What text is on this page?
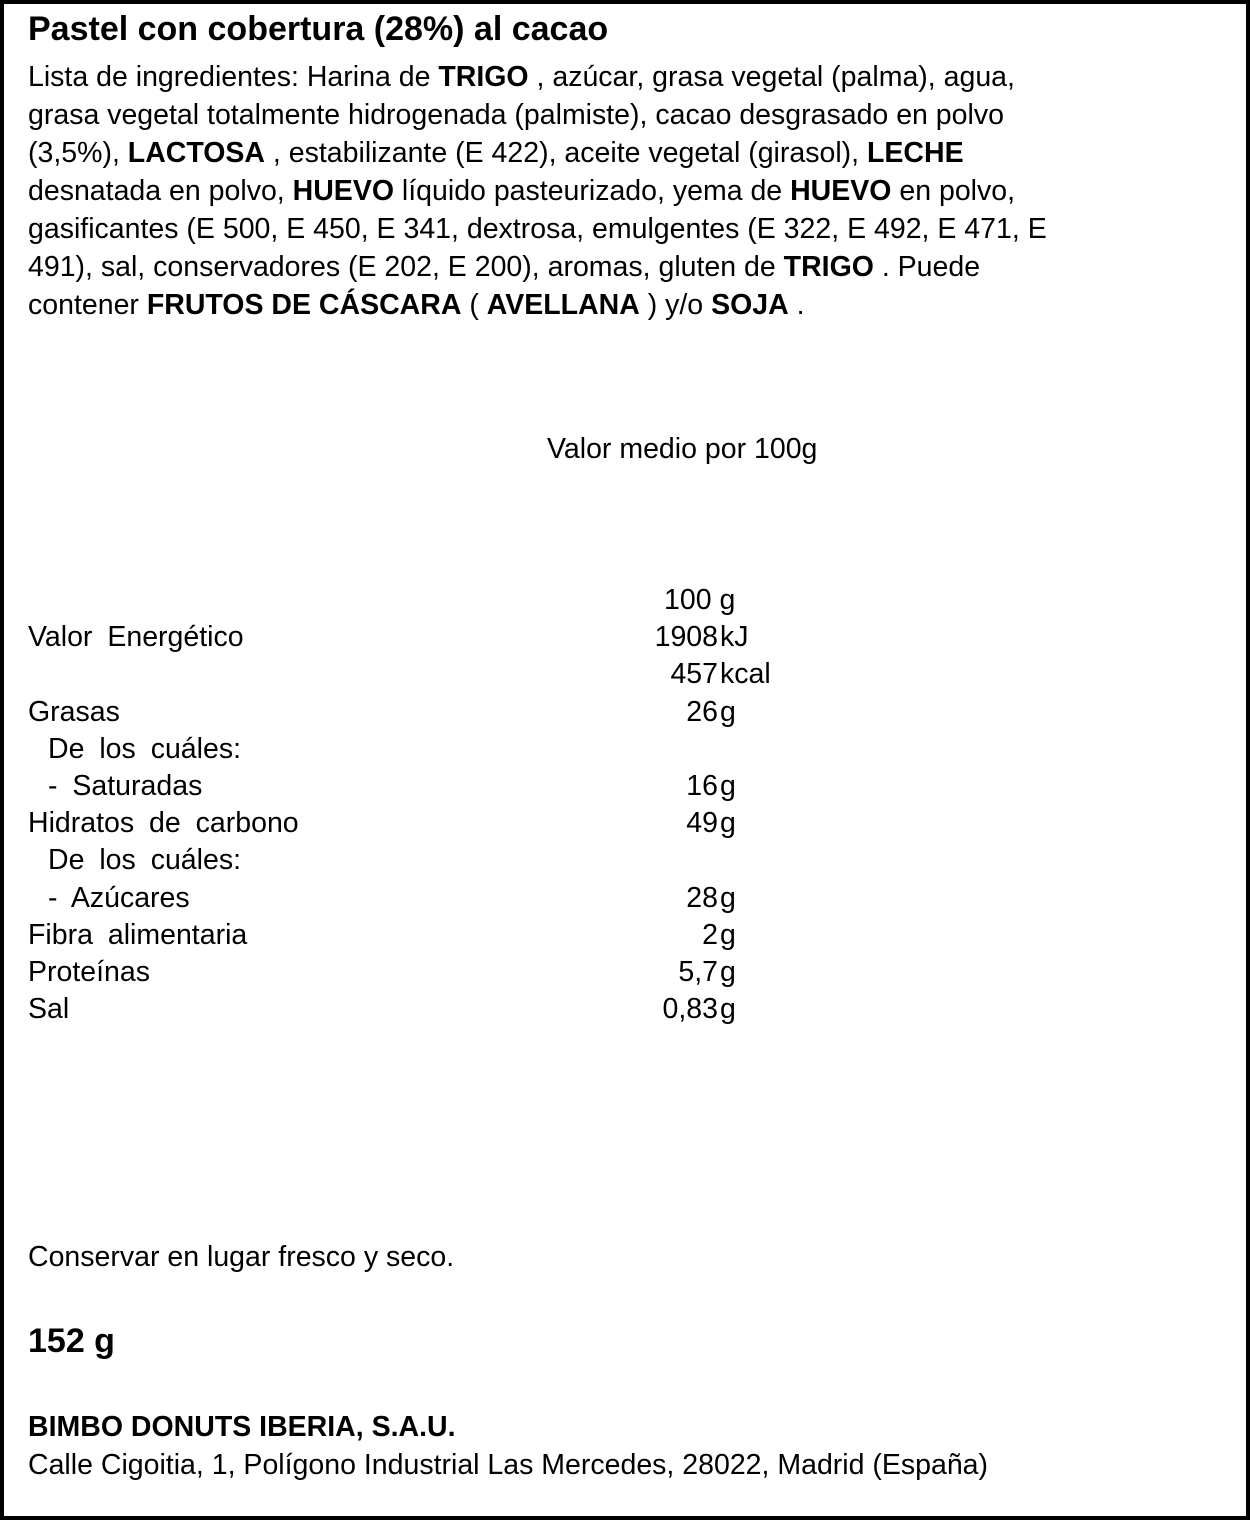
Pastel con cobertura (28%) al cacao
Lista de ingredientes: Harina de TRIGO , azúcar, grasa vegetal (palma), agua,
grasa vegetal totalmente hidrogenada (palmiste), cacao desgrasado en polvo
(3,5%), LACTOSA , estabilizante (E 422), aceite vegetal (girasol), LECHE
desnatada en polvo, HUEVO líquido pasteurizado, yema de HUEVO en polvo,
gasificantes (E 500, E 450, E 341, dextrosa, emulgentes (E 322, E 492, E 471, E
491), sal, conservadores (E 202, E 200), aromas, gluten de TRIGO . Puede
contener FRUTOS DE CÁSCARA ( AVELLANA ) y/o SOJA .
Valor medio por 100g
100 g
Valor Energético	1908 kJ
457 kcal
Grasas	26 g
De los cuáles:
- Saturadas	16 g
Hidratos de carbono	49 g
De los cuáles:
- Azúcares	28 g
Fibra alimentaria	2 g
Proteínas	5,7 g
Sal	0,83 g
Conservar en lugar fresco y seco.
152 g
BIMBO DONUTS IBERIA, S.A.U.
Calle Cigoitia, 1, Polígono Industrial Las Mercedes, 28022, Madrid (España)
